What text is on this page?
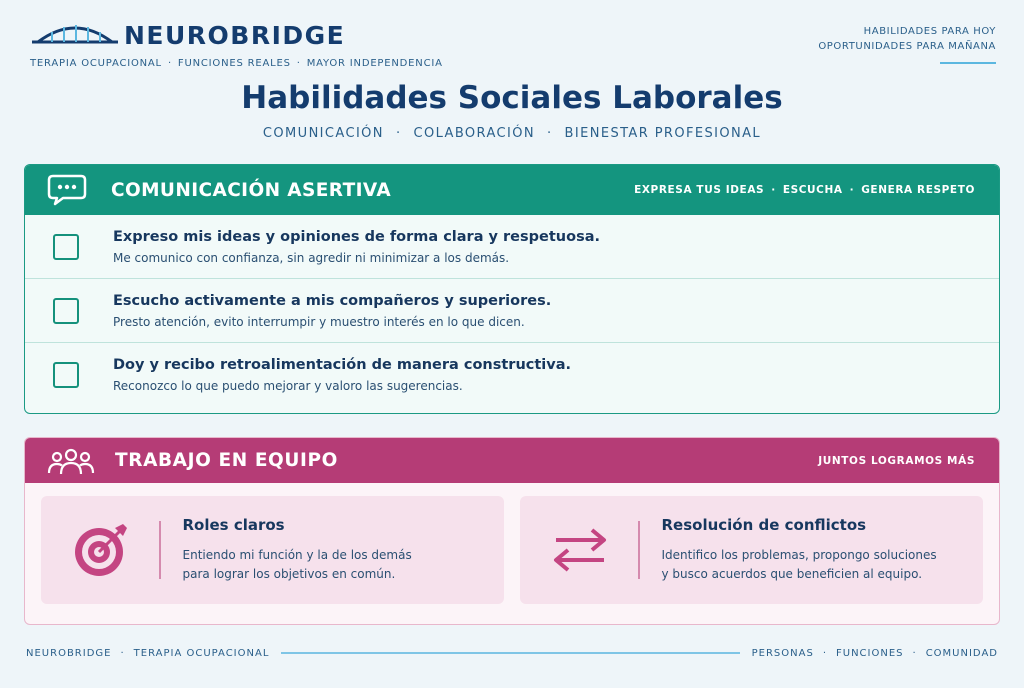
NEUROBRIDGE
TERAPIA OCUPACIONAL · FUNCIONES REALES · MAYOR INDEPENDENCIA
HABILIDADES PARA HOY
OPORTUNIDADES PARA MAÑANA
Habilidades Sociales Laborales
COMUNICACIÓN · COLABORACIÓN · BIENESTAR PROFESIONAL
COMUNICACIÓN ASERTIVA	EXPRESA TUS IDEAS · ESCUCHA · GENERA RESPETO
Expreso mis ideas y opiniones de forma clara y respetuosa.
Me comunico con confianza, sin agredir ni minimizar a los demás.
Escucho activamente a mis compañeros y superiores.
Presto atención, evito interrumpir y muestro interés en lo que dicen.
Doy y recibo retroalimentación de manera constructiva.
Reconozco lo que puedo mejorar y valoro las sugerencias.
TRABAJO EN EQUIPO	JUNTOS LOGRAMOS MÁS
Roles claros
Entiendo mi función y la de los demás
para lograr los objetivos en común.
Resolución de conflictos
Identifico los problemas, propongo soluciones
y busco acuerdos que beneficien al equipo.
NEUROBRIDGE · TERAPIA OCUPACIONAL	PERSONAS · FUNCIONES · COMUNIDAD
